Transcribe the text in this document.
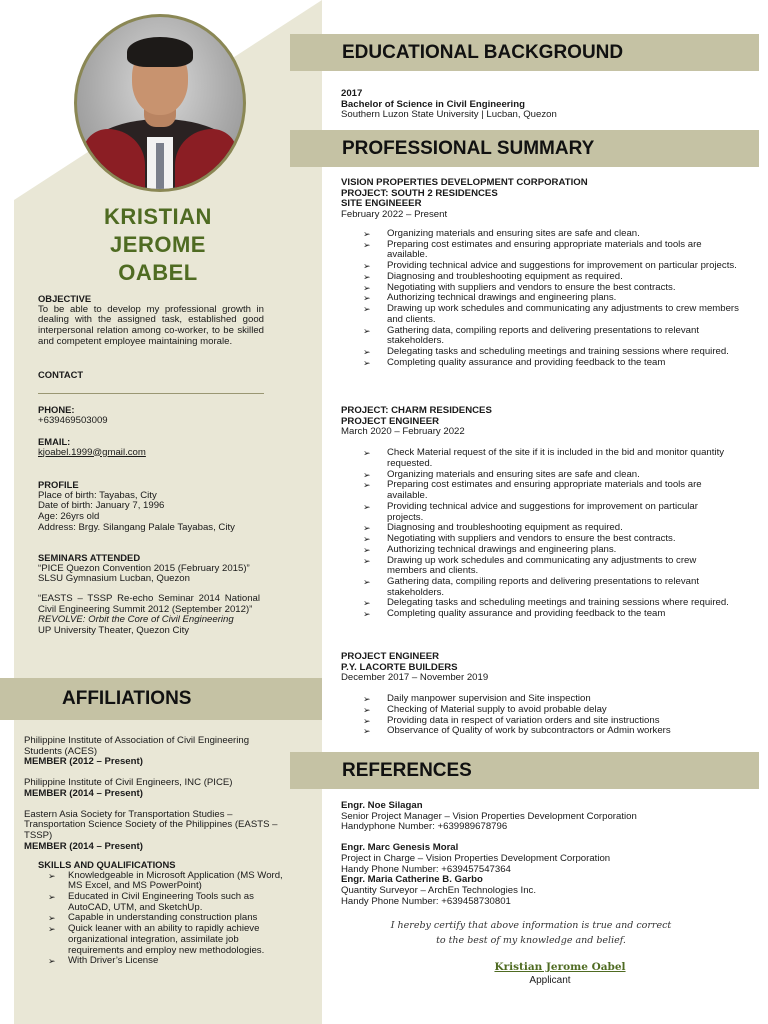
KRISTIAN
JEROME
OABEL
OBJECTIVE
To be able to develop my professional growth in dealing with the assigned task, established good interpersonal relation among co-worker, to be skilled and competent employee maintaining morale.
CONTACT
PHONE:
+639469503009
EMAIL:
kjoabel.1999@gmail.com
PROFILE
Place of birth: Tayabas, City
Date of birth: January 7, 1996
Age: 26yrs old
Address: Brgy. Silangang Palale Tayabas, City
SEMINARS ATTENDED
“PICE Quezon Convention 2015 (February 2015)”
SLSU Gymnasium Lucban, Quezon
“EASTS – TSSP Re-echo Seminar 2014 National Civil Engineering Summit 2012 (September 2012)”
REVOLVE: Orbit the Core of Civil Engineering
UP University Theater, Quezon City
AFFILIATIONS
Philippine Institute of Association of Civil Engineering Students (ACES)
MEMBER (2012 – Present)
Philippine Institute of Civil Engineers, INC (PICE)
MEMBER (2014 – Present)
Eastern Asia Society for Transportation Studies – Transportation Science Society of the Philippines (EASTS – TSSP)
MEMBER (2014 – Present)
SKILLS AND QUALIFICATIONS
➢ Knowledgeable in Microsoft Application (MS Word, MS Excel, and MS PowerPoint)
➢ Educated in Civil Engineering Tools such as AutoCAD, UTM, and SketchUp.
➢ Capable in understanding construction plans
➢ Quick leaner with an ability to rapidly achieve organizational integration, assimilate job requirements and employ new methodologies.
➢ With Driver’s License
EDUCATIONAL BACKGROUND
2017
Bachelor of Science in Civil Engineering
Southern Luzon State University | Lucban, Quezon
PROFESSIONAL SUMMARY
VISION PROPERTIES DEVELOPMENT CORPORATION
PROJECT: SOUTH 2 RESIDENCES
SITE ENGINEEER
February 2022 – Present
➢ Organizing materials and ensuring sites are safe and clean.
➢ Preparing cost estimates and ensuring appropriate materials and tools are available.
➢ Providing technical advice and suggestions for improvement on particular projects.
➢ Diagnosing and troubleshooting equipment as required.
➢ Negotiating with suppliers and vendors to ensure the best contracts.
➢ Authorizing technical drawings and engineering plans.
➢ Drawing up work schedules and communicating any adjustments to crew members and clients.
➢ Gathering data, compiling reports and delivering presentations to relevant stakeholders.
➢ Delegating tasks and scheduling meetings and training sessions where required.
➢ Completing quality assurance and providing feedback to the team
PROJECT: CHARM RESIDENCES
PROJECT ENGINEER
March 2020 – February 2022
➢ Check Material request of the site if it is included in the bid and monitor quantity requested.
➢ Organizing materials and ensuring sites are safe and clean.
➢ Preparing cost estimates and ensuring appropriate materials and tools are available.
➢ Providing technical advice and suggestions for improvement on particular projects.
➢ Diagnosing and troubleshooting equipment as required.
➢ Negotiating with suppliers and vendors to ensure the best contracts.
➢ Authorizing technical drawings and engineering plans.
➢ Drawing up work schedules and communicating any adjustments to crew members and clients.
➢ Gathering data, compiling reports and delivering presentations to relevant stakeholders.
➢ Delegating tasks and scheduling meetings and training sessions where required.
➢ Completing quality assurance and providing feedback to the team
PROJECT ENGINEER
P.Y. LACORTE BUILDERS
December 2017 – November 2019
➢ Daily manpower supervision and Site inspection
➢ Checking of Material supply to avoid probable delay
➢ Providing data in respect of variation orders and site instructions
➢ Observance of Quality of work by subcontractors or Admin workers
REFERENCES
Engr. Noe Silagan
Senior Project Manager – Vision Properties Development Corporation
Handyphone Number: +639989678796
Engr. Marc Genesis Moral
Project in Charge – Vision Properties Development Corporation
Handy Phone Number: +639457547364
Engr. Maria Catherine B. Garbo
Quantity Surveyor – ArchEn Technologies Inc.
Handy Phone Number: +639458730801
I hereby certify that above information is true and correct
to the best of my knowledge and belief.
Kristian Jerome Oabel
Applicant
